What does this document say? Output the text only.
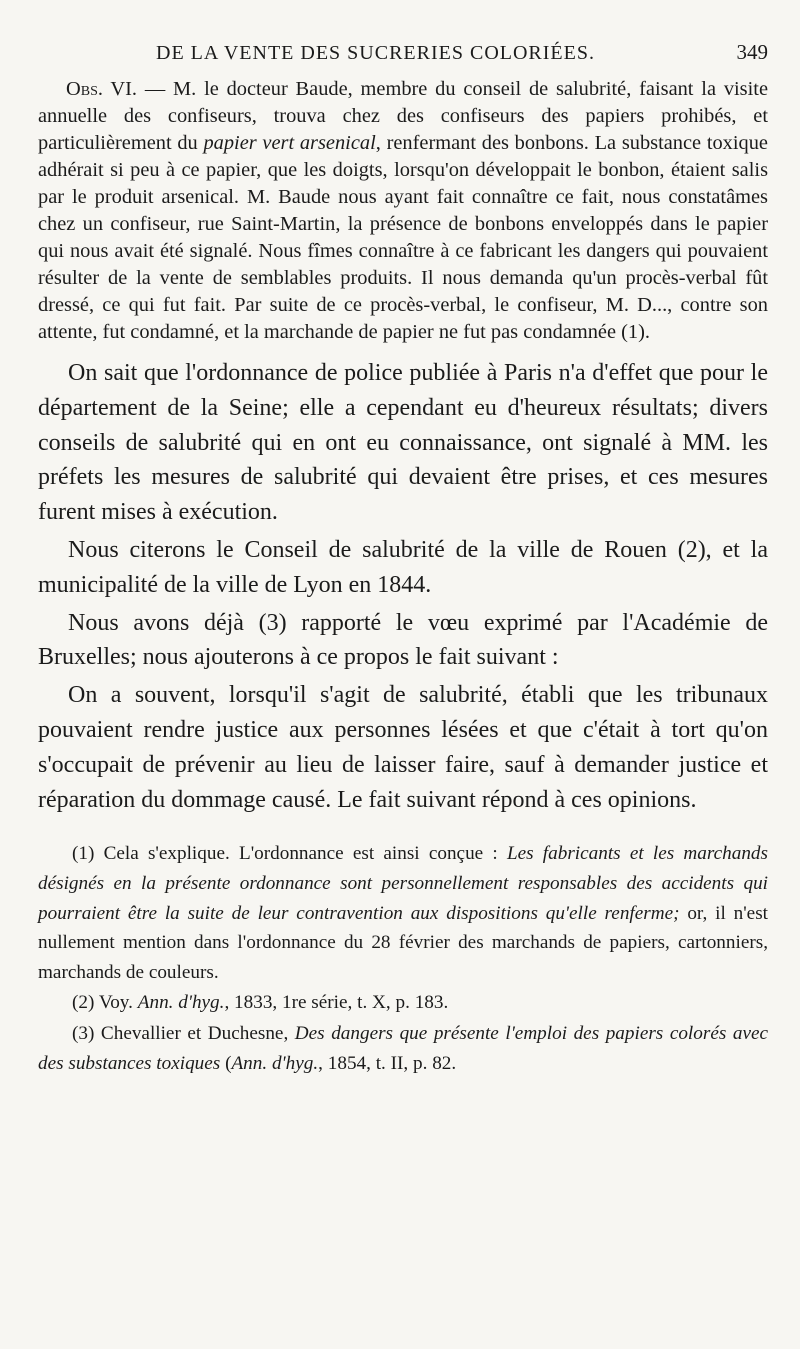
DE LA VENTE DES SUCRERIES COLORIÉES.	349
Obs. VI. — M. le docteur Baude, membre du conseil de salubrité, faisant la visite annuelle des confiseurs, trouva chez des confiseurs des papiers prohibés, et particulièrement du papier vert arsenical, renfermant des bonbons. La substance toxique adhérait si peu à ce papier, que les doigts, lorsqu'on développait le bonbon, étaient salis par le produit arsenical. M. Baude nous ayant fait connaître ce fait, nous constatâmes chez un confiseur, rue Saint-Martin, la présence de bonbons enveloppés dans le papier qui nous avait été signalé. Nous fîmes connaître à ce fabricant les dangers qui pouvaient résulter de la vente de semblables produits. Il nous demanda qu'un procès-verbal fût dressé, ce qui fut fait. Par suite de ce procès-verbal, le confiseur, M. D..., contre son attente, fut condamné, et la marchande de papier ne fut pas condamnée (1).

On sait que l'ordonnance de police publiée à Paris n'a d'effet que pour le département de la Seine; elle a cependant eu d'heureux résultats; divers conseils de salubrité qui en ont eu connaissance, ont signalé à MM. les préfets les mesures de salubrité qui devaient être prises, et ces mesures furent mises à exécution.

Nous citerons le Conseil de salubrité de la ville de Rouen (2), et la municipalité de la ville de Lyon en 1844.

Nous avons déjà (3) rapporté le vœu exprimé par l'Académie de Bruxelles; nous ajouterons à ce propos le fait suivant :

On a souvent, lorsqu'il s'agit de salubrité, établi que les tribunaux pouvaient rendre justice aux personnes lésées et que c'était à tort qu'on s'occupait de prévenir au lieu de laisser faire, sauf à demander justice et réparation du dommage causé. Le fait suivant répond à ces opinions.

(1) Cela s'explique. L'ordonnance est ainsi conçue : Les fabricants et les marchands désignés en la présente ordonnance sont personnellement responsables des accidents qui pourraient être la suite de leur contravention aux dispositions qu'elle renferme; or, il n'est nullement mention dans l'ordonnance du 28 février des marchands de papiers, cartonniers, marchands de couleurs.

(2) Voy. Ann. d'hyg., 1833, 1re série, t. X, p. 183.

(3) Chevallier et Duchesne, Des dangers que présente l'emploi des papiers colorés avec des substances toxiques (Ann. d'hyg., 1854, t. II, p. 82.
